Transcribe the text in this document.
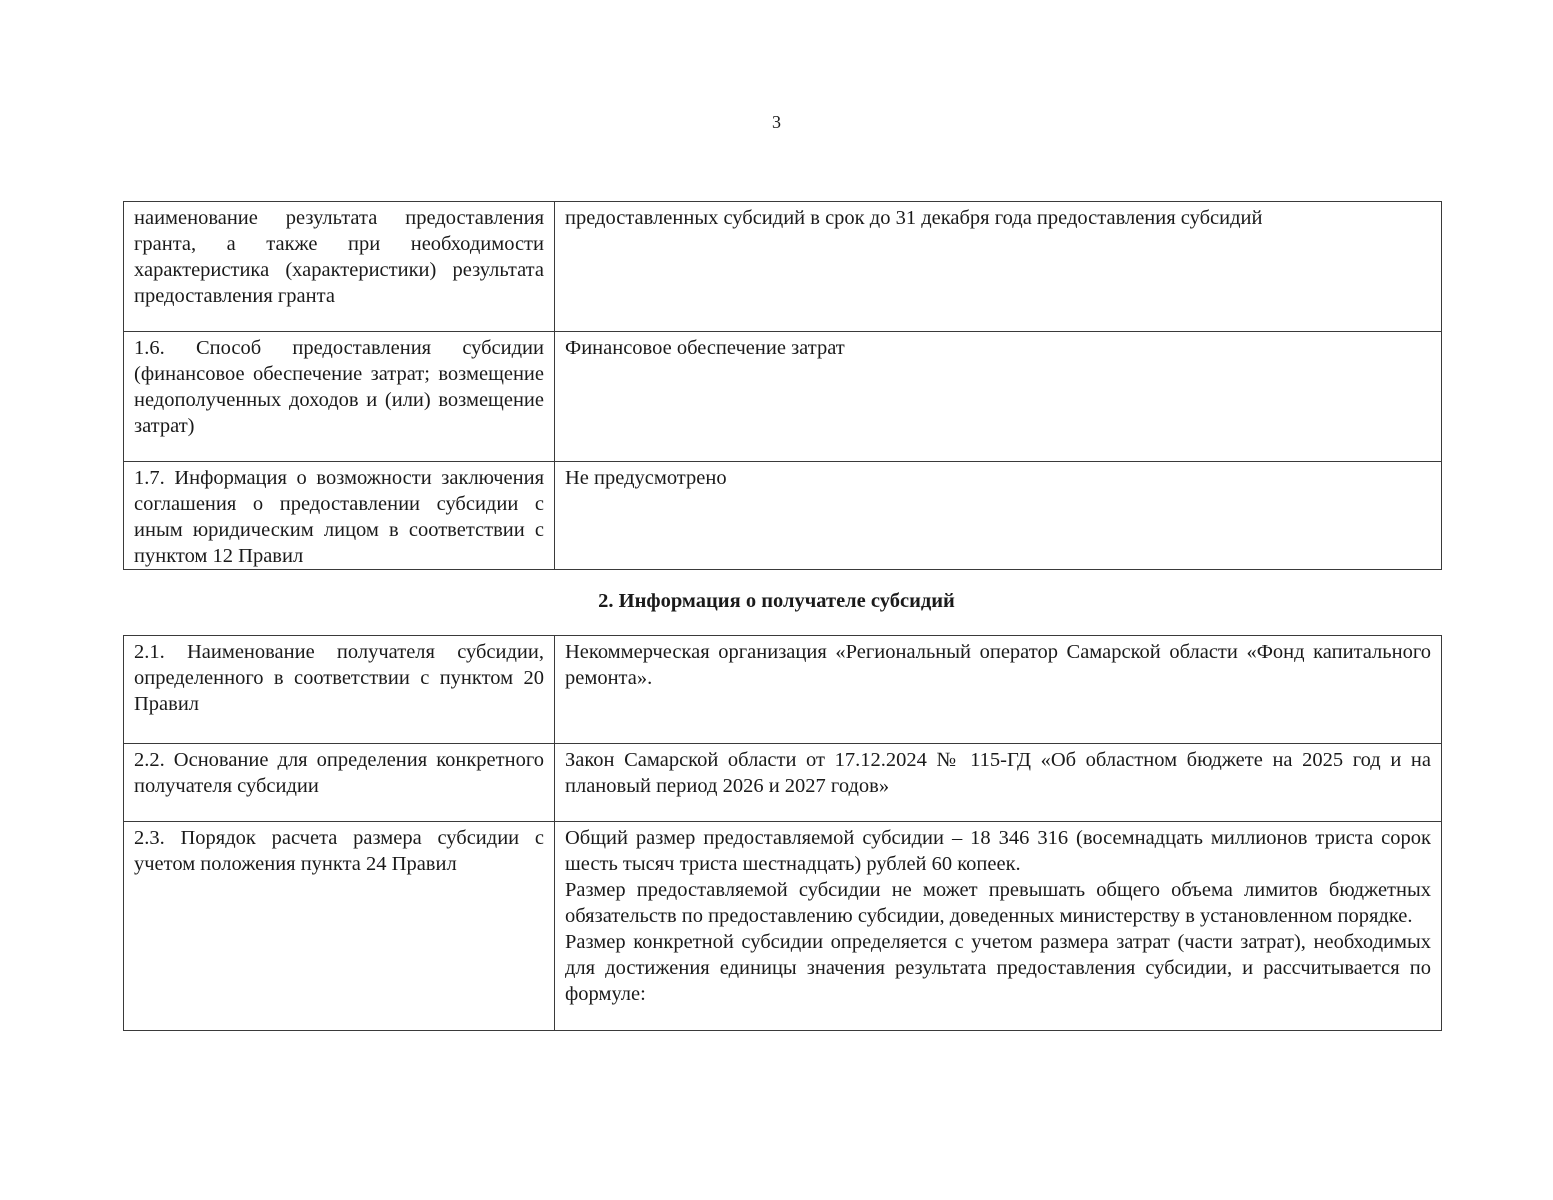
3
наименование результата предоставления гранта, а также при необходимости характеристика (характеристики) результата предоставления гранта	предоставленных субсидий в срок до 31 декабря года предоставления субсидий
1.6. Способ предоставления субсидии (финансовое обеспечение затрат; возмещение недополученных доходов и (или) возмещение затрат)	Финансовое обеспечение затрат
1.7. Информация о возможности заключения соглашения о предоставлении субсидии с иным юридическим лицом в соответствии с пунктом 12 Правил	Не предусмотрено
2. Информация о получателе субсидий
2.1. Наименование получателя субсидии, определенного в соответствии с пунктом 20 Правил	Некоммерческая организация «Региональный оператор Самарской области «Фонд капитального ремонта».
2.2. Основание для определения конкретного получателя субсидии	Закон Самарской области от 17.12.2024 № 115-ГД «Об областном бюджете на 2025 год и на плановый период 2026 и 2027 годов»
2.3. Порядок расчета размера субсидии с учетом положения пункта 24 Правил	Общий размер предоставляемой субсидии – 18 346 316 (восемнадцать миллионов триста сорок шесть тысяч триста шестнадцать) рублей 60 копеек.

Размер предоставляемой субсидии не может превышать общего объема лимитов бюджетных обязательств по предоставлению субсидии, доведенных министерству в установленном порядке.

Размер конкретной субсидии определяется с учетом размера затрат (части затрат), необходимых для достижения единицы значения результата предоставления субсидии, и рассчитывается по формуле:
